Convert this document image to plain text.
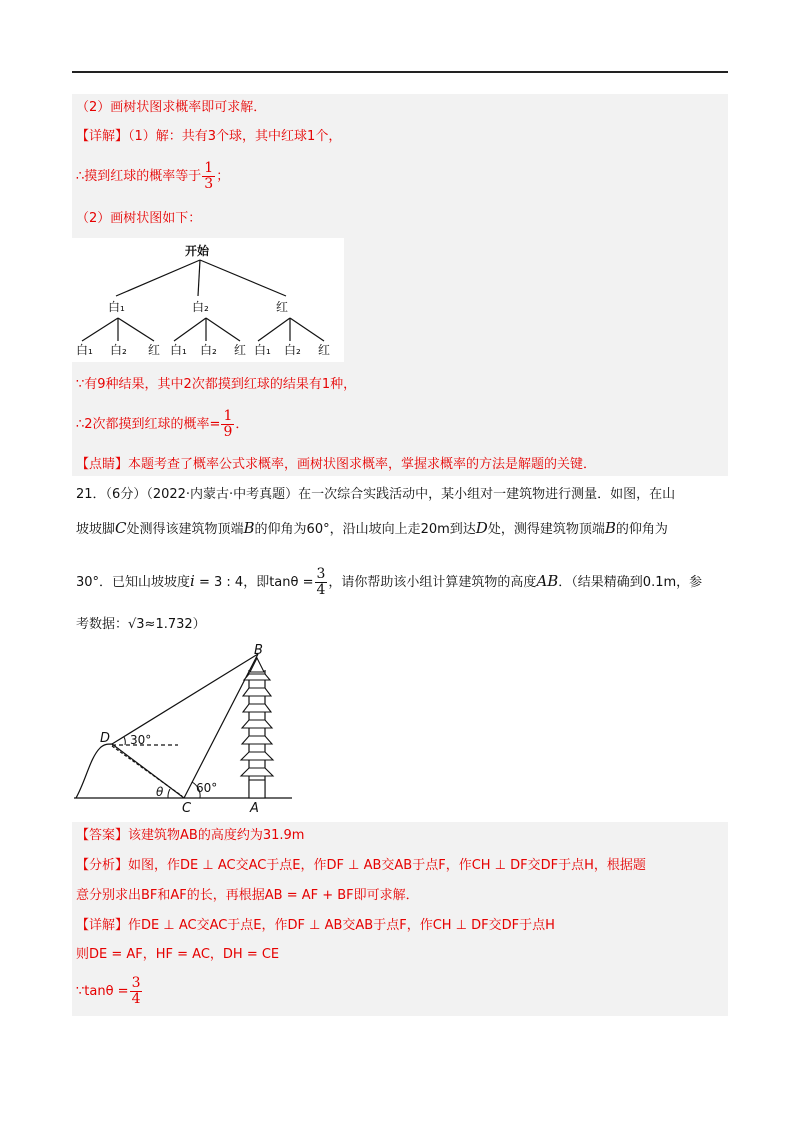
（2）画树状图求概率即可求解．
【详解】（1）解：共有3个球，其中红球1个，
∴摸到红球的概率等于 $\frac{1}{3}$ ；
（2）画树状图如下：
开始
白₁	白₂	红
白₁ 白₂ 红 白₁ 白₂ 红 白₁ 白₂ 红
∵有9种结果，其中2次都摸到红球的结果有1种，
∴2次都摸到红球的概率= $\frac{1}{9}$ ．
【点睛】本题考查了概率公式求概率，画树状图求概率，掌握求概率的方法是解题的关键．
21．（6分）（2022·内蒙古·中考真题）在一次综合实践活动中，某小组对一建筑物进行测量．如图，在山
坡坡脚C处测得该建筑物顶端B的仰角为60°，沿山坡向上走20m到达D处，测得建筑物顶端B的仰角为
30°．已知山坡坡度i = 3 : 4，即$\tan\theta = \frac{3}{4}$ ，请你帮助该小组计算建筑物的高度AB．（结果精确到0.1m，参
考数据：√3≈1.732）
B
D
C	A
θ
30°
60°
【答案】该建筑物AB的高度约为31.9m
【分析】如图，作DE ⊥ AC交AC于点E，作DF ⊥ AB交AB于点F，作CH ⊥ DF交DF于点H，根据题
意分别求出BF和AF的长，再根据AB = AF + BF即可求解．
【详解】作DE ⊥ AC交AC于点E，作DF ⊥ AB交AB于点F，作CH ⊥ DF交DF于点H
则DE = AF，HF = AC，DH = CE
∵tanθ = $\frac{3}{4}$
